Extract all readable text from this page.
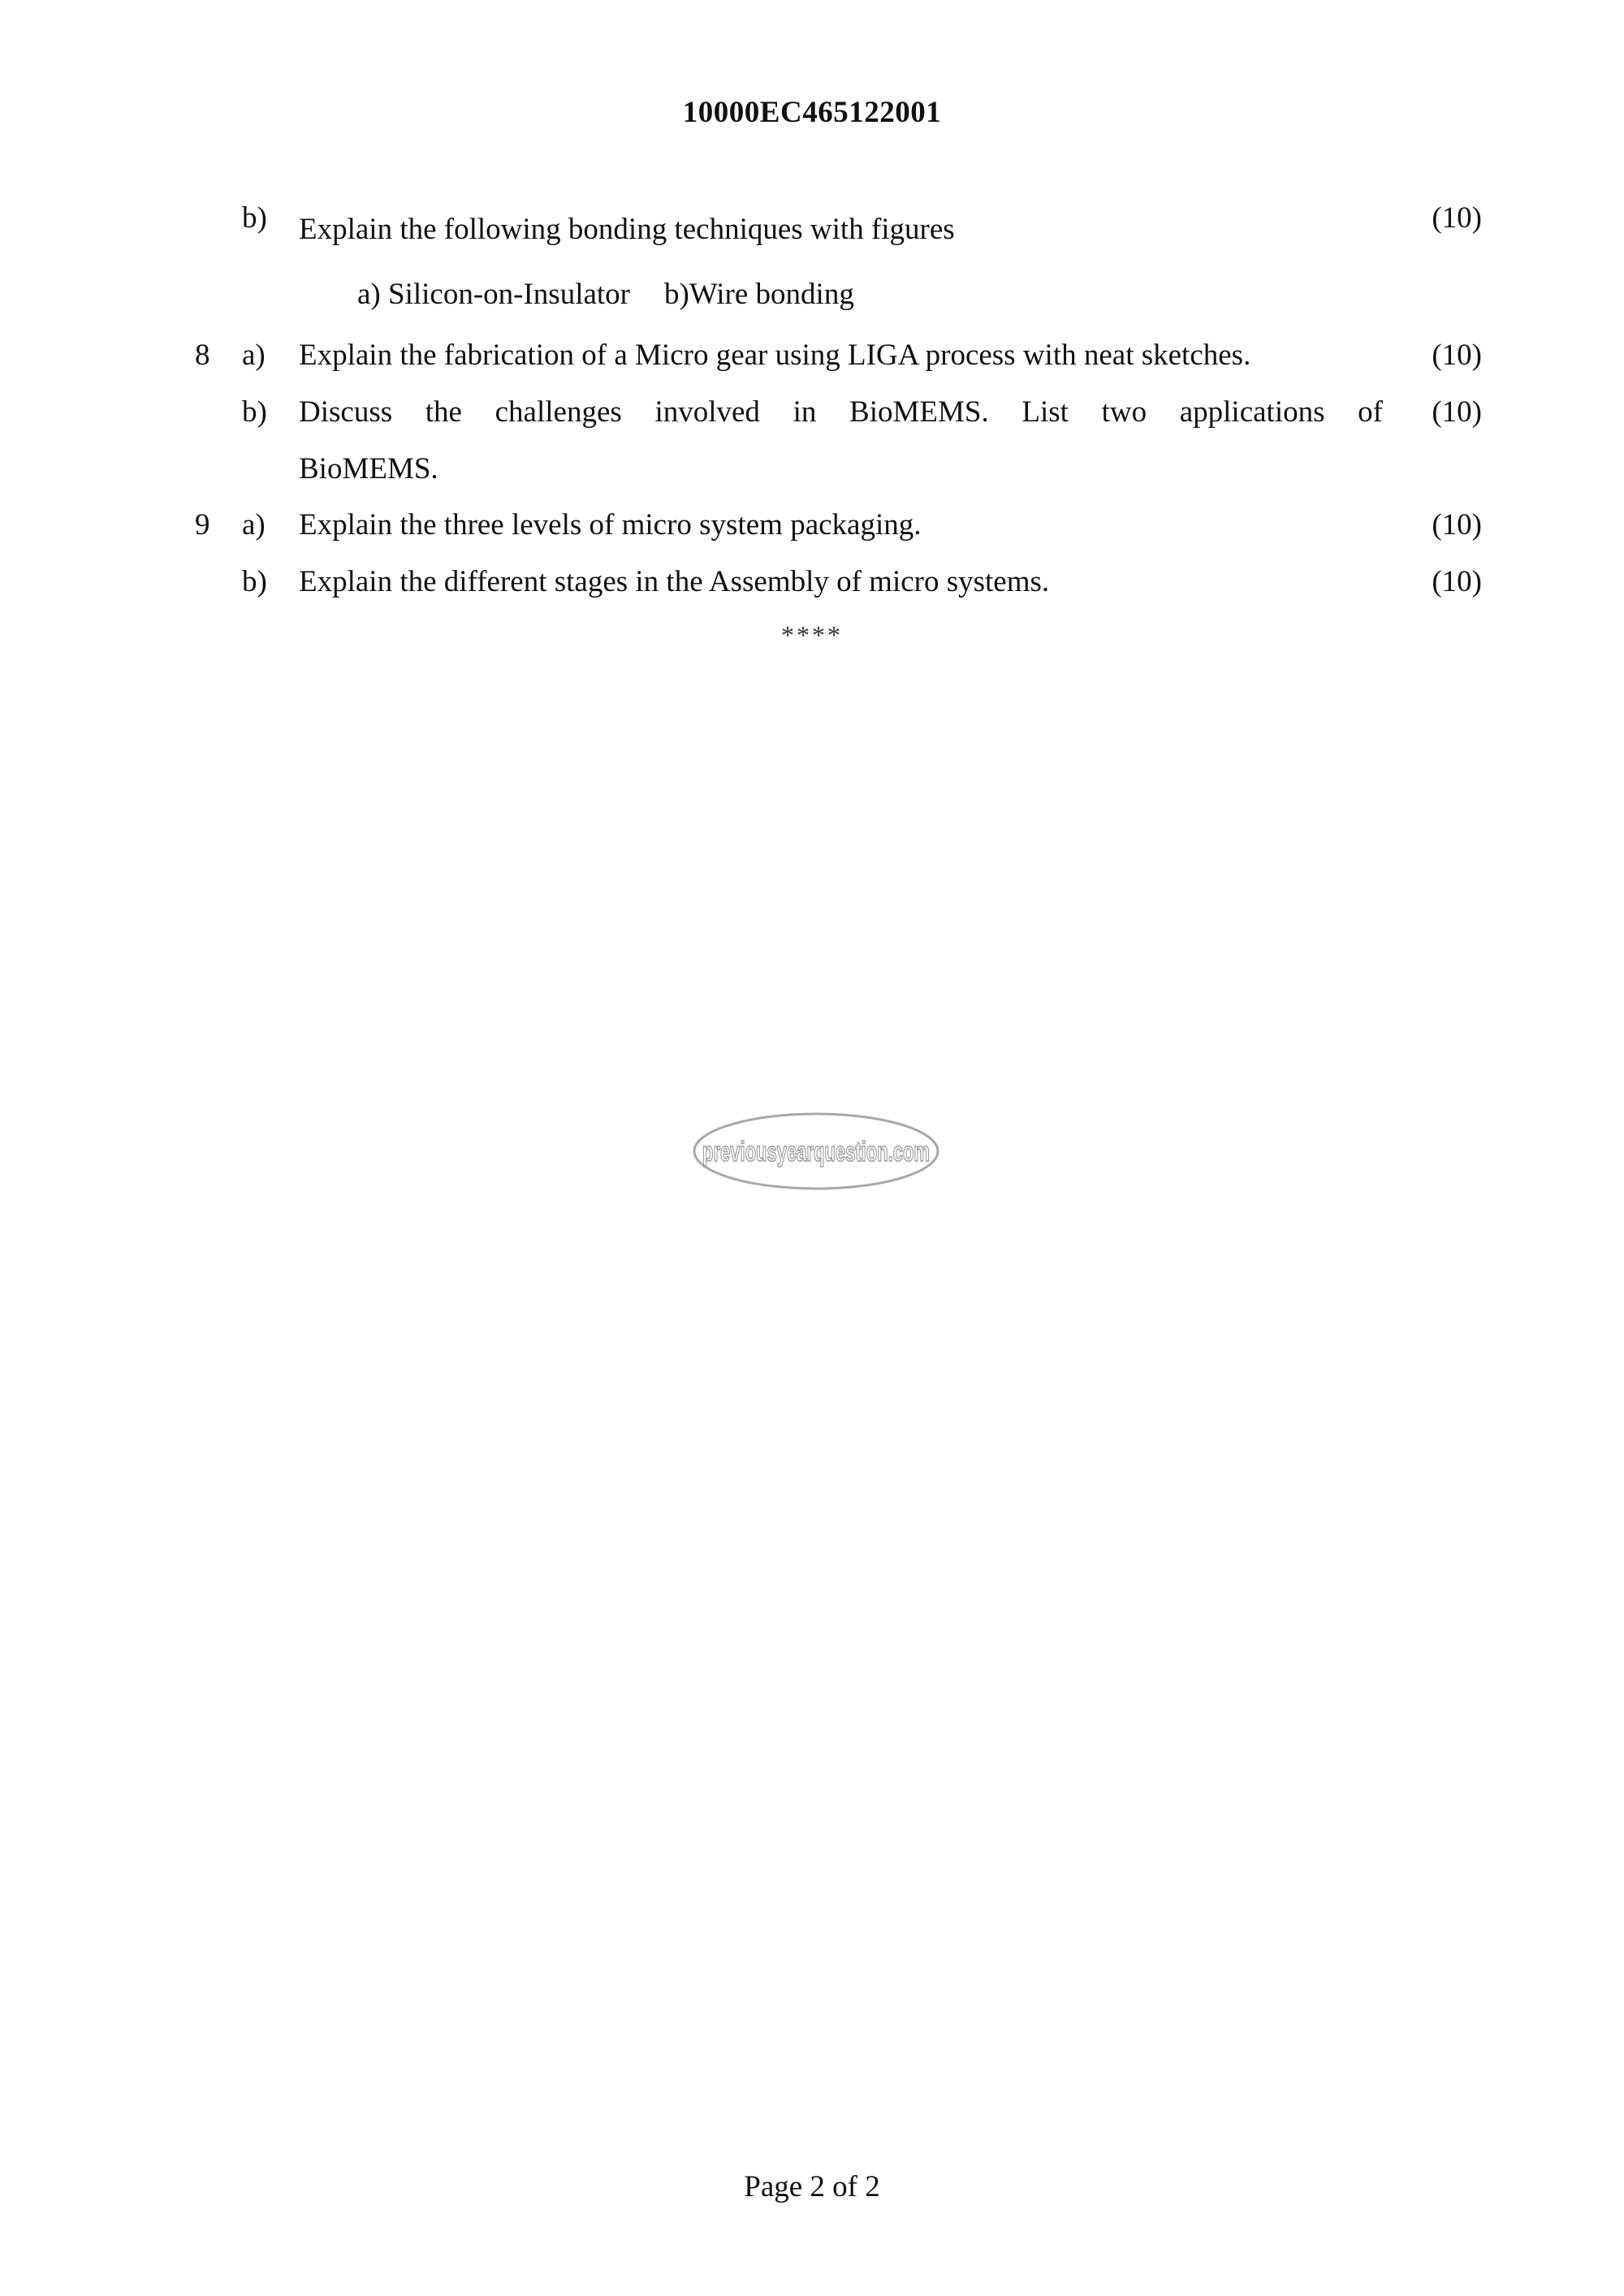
10000EC465122001
b)	Explain the following bonding techniques with figures	(10)
a) Silicon-on-Insulator b)Wire bonding
8	a)	Explain the fabrication of a Micro gear using LIGA process with neat sketches.	(10)
b)	Discuss the challenges involved in BioMEMS. List two applications of	(10)
BioMEMS.
9	a)	Explain the three levels of micro system packaging.	(10)
b)	Explain the different stages in the Assembly of micro systems.	(10)
****
previousyearquestion.com
Page 2 of 2
